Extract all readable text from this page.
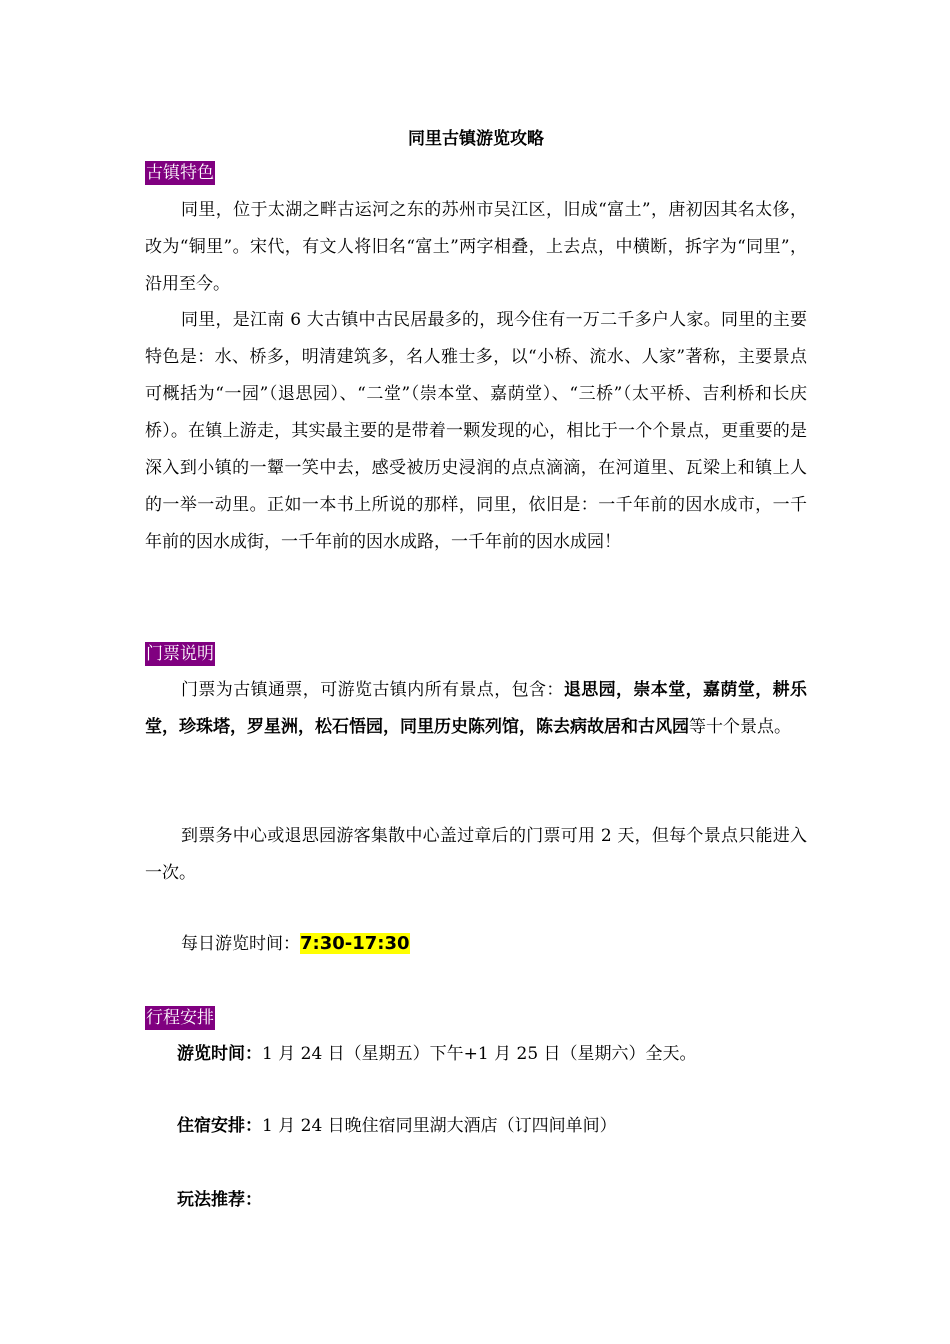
同里古镇游览攻略
古镇特色

同里，位于太湖之畔古运河之东的苏州市吴江区，旧成“富土”，唐初因其名太侈，改为“铜里”。宋代，有文人将旧名“富土”两字相叠，上去点，中横断，拆字为“同里”，沿用至今。

同里，是江南 6 大古镇中古民居最多的，现今住有一万二千多户人家。同里的主要特色是：水、桥多，明清建筑多，名人雅士多，以“小桥、流水、人家”著称，主要景点可概括为“一园”（退思园）、“二堂”（崇本堂、嘉荫堂）、“三桥”（太平桥、吉利桥和长庆桥）。在镇上游走，其实最主要的是带着一颗发现的心，相比于一个个景点，更重要的是深入到小镇的一颦一笑中去，感受被历史浸润的点点滴滴，在河道里、瓦梁上和镇上人的一举一动里。正如一本书上所说的那样，同里，依旧是：一千年前的因水成市，一千年前的因水成街，一千年前的因水成路，一千年前的因水成园！

门票说明

门票为古镇通票，可游览古镇内所有景点，包含：退思园，崇本堂，嘉荫堂，耕乐堂，珍珠塔，罗星洲，松石悟园，同里历史陈列馆，陈去病故居和古风园等十个景点。

到票务中心或退思园游客集散中心盖过章后的门票可用 2 天，但每个景点只能进入一次。

每日游览时间：7:30-17:30

行程安排
游览时间：1 月 24 日（星期五）下午+1 月 25 日（星期六）全天。
住宿安排：1 月 24 日晚住宿同里湖大酒店（订四间单间）
玩法推荐：
